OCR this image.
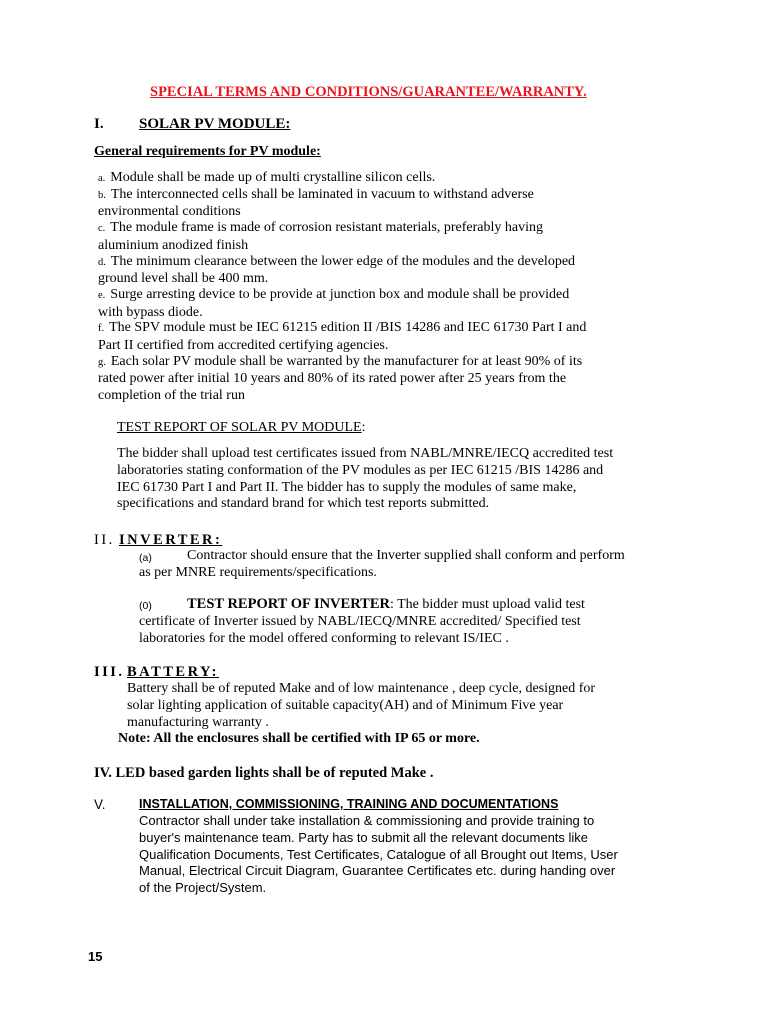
SPECIAL TERMS AND CONDITIONS/GUARANTEE/WARRANTY.
I. SOLAR PV MODULE:
General requirements for PV module:
a. Module shall be made up of multi crystalline silicon cells.
b. The interconnected cells shall be laminated in vacuum to withstand adverse
environmental conditions
c. The module frame is made of corrosion resistant materials, preferably having
aluminium anodized finish
d. The minimum clearance between the lower edge of the modules and the developed
ground level shall be 400 mm.
e. Surge arresting device to be provide at junction box and module shall be provided
with bypass diode.
f. The SPV module must be IEC 61215 edition II /BIS 14286 and IEC 61730 Part I and
Part II certified from accredited certifying agencies.
g. Each solar PV module shall be warranted by the manufacturer for at least 90% of its
rated power after initial 10 years and 80% of its rated power after 25 years from the
completion of the trial run
TEST REPORT OF SOLAR PV MODULE:
The bidder shall upload test certificates issued from NABL/MNRE/IECQ accredited test
laboratories stating conformation of the PV modules as per IEC 61215 /BIS 14286 and
IEC 61730 Part I and Part II. The bidder has to supply the modules of same make,
specifications and standard brand for which test reports submitted.
II. INVERTER:
(a)	Contractor should ensure that the Inverter supplied shall conform and perform
as per MNRE requirements/specifications.
(0)	TEST REPORT OF INVERTER: The bidder must upload valid test
certificate of Inverter issued by NABL/IECQ/MNRE accredited/ Specified test
laboratories for the model offered conforming to relevant IS/IEC .
III. BATTERY:
Battery shall be of reputed Make and of low maintenance , deep cycle, designed for
solar lighting application of suitable capacity(AH) and of Minimum Five year
manufacturing warranty .
Note: All the enclosures shall be certified with IP 65 or more.
IV. LED based garden lights shall be of reputed Make .
V.	INSTALLATION, COMMISSIONING, TRAINING AND DOCUMENTATIONS
Contractor shall under take installation & commissioning and provide training to
buyer's maintenance team. Party has to submit all the relevant documents like
Qualification Documents, Test Certificates, Catalogue of all Brought out Items, User
Manual, Electrical Circuit Diagram, Guarantee Certificates etc. during handing over
of the Project/System.
15
